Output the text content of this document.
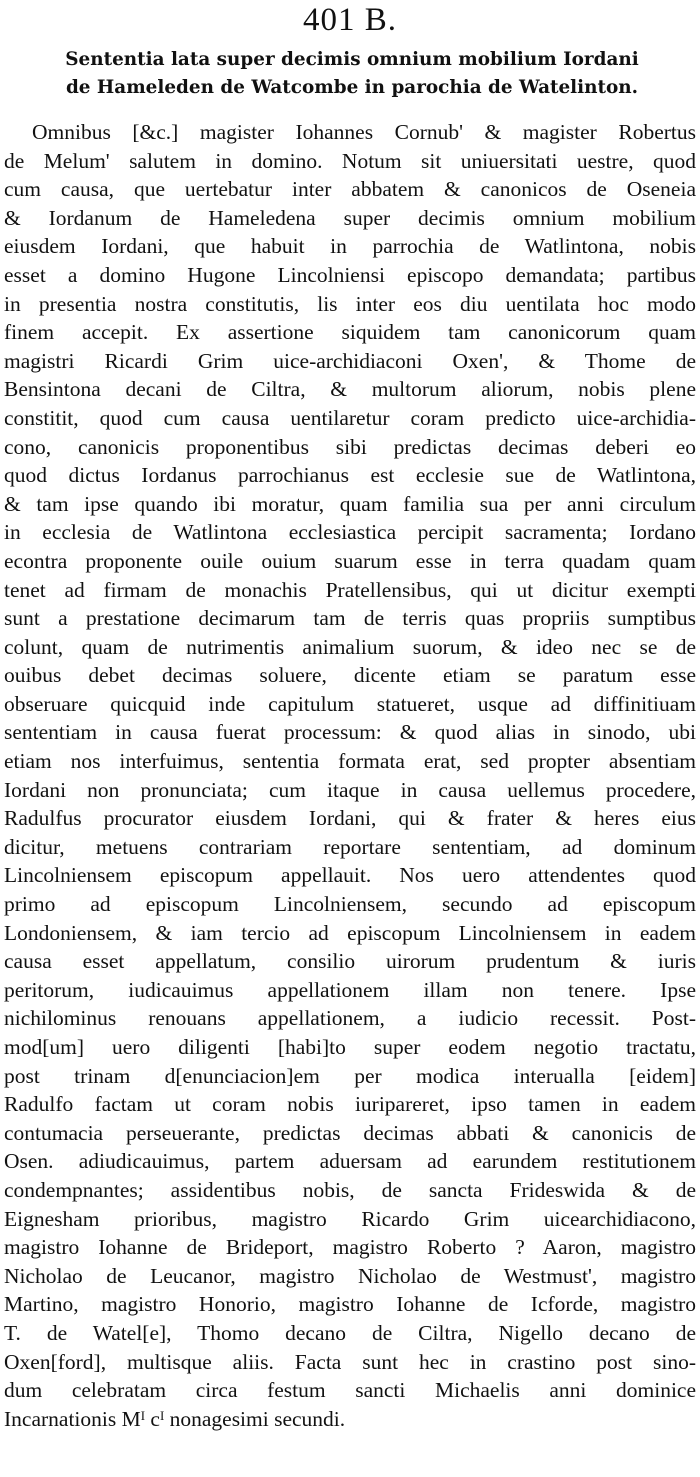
401 B.
Sententia lata super decimis omnium mobilium Iordani
de Hameleden de Watcombe in parochia de Watelinton.
Omnibus [&c.] magister Iohannes Cornub' & magister Robertus
de Melum' salutem in domino. Notum sit uniuersitati uestre, quod
cum causa, que uertebatur inter abbatem & canonicos de Oseneia
& Iordanum de Hameledena super decimis omnium mobilium
eiusdem Iordani, que habuit in parrochia de Watlintona, nobis
esset a domino Hugone Lincolniensi episcopo demandata; partibus
in presentia nostra constitutis, lis inter eos diu uentilata hoc modo
finem accepit. Ex assertione siquidem tam canonicorum quam
magistri Ricardi Grim uice-archidiaconi Oxen', & Thome de
Bensintona decani de Ciltra, & multorum aliorum, nobis plene
constitit, quod cum causa uentilaretur coram predicto uice-archidia-
cono, canonicis proponentibus sibi predictas decimas deberi eo
quod dictus Iordanus parrochianus est ecclesie sue de Watlintona,
& tam ipse quando ibi moratur, quam familia sua per anni circulum
in ecclesia de Watlintona ecclesiastica percipit sacramenta; Iordano
econtra proponente ouile ouium suarum esse in terra quadam quam
tenet ad firmam de monachis Pratellensibus, qui ut dicitur exempti
sunt a prestatione decimarum tam de terris quas propriis sumptibus
colunt, quam de nutrimentis animalium suorum, & ideo nec se de
ouibus debet decimas soluere, dicente etiam se paratum esse
obseruare quicquid inde capitulum statueret, usque ad diffinitiuam
sententiam in causa fuerat processum: & quod alias in sinodo, ubi
etiam nos interfuimus, sententia formata erat, sed propter absentiam
Iordani non pronunciata; cum itaque in causa uellemus procedere,
Radulfus procurator eiusdem Iordani, qui & frater & heres eius
dicitur, metuens contrariam reportare sententiam, ad dominum
Lincolniensem episcopum appellauit. Nos uero attendentes quod
primo ad episcopum Lincolniensem, secundo ad episcopum
Londoniensem, & iam tercio ad episcopum Lincolniensem in eadem
causa esset appellatum, consilio uirorum prudentum & iuris
peritorum, iudicauimus appellationem illam non tenere. Ipse
nichilominus renouans appellationem, a iudicio recessit. Post-
mod[um] uero diligenti [habi]to super eodem negotio tractatu,
post trinam d[enunciacion]em per modica interualla [eidem]
Radulfo factam ut coram nobis iuripareret, ipso tamen in eadem
contumacia perseuerante, predictas decimas abbati & canonicis de
Osen. adiudicauimus, partem aduersam ad earundem restitutionem
condempnantes; assidentibus nobis, de sancta Frideswida & de
Eignesham prioribus, magistro Ricardo Grim uicearchidiacono,
magistro Iohanne de Brideport, magistro Roberto ? Aaron, magistro
Nicholao de Leucanor, magistro Nicholao de Westmust', magistro
Martino, magistro Honorio, magistro Iohanne de Icforde, magistro
T. de Watel[e], Thomo decano de Ciltra, Nigello decano de
Oxen[ford], multisque aliis. Facta sunt hec in crastino post sino-
dum celebratam circa festum sancti Michaelis anni dominice
Incarnationis Mᴵ cᴵ nonagesimi secundi.
